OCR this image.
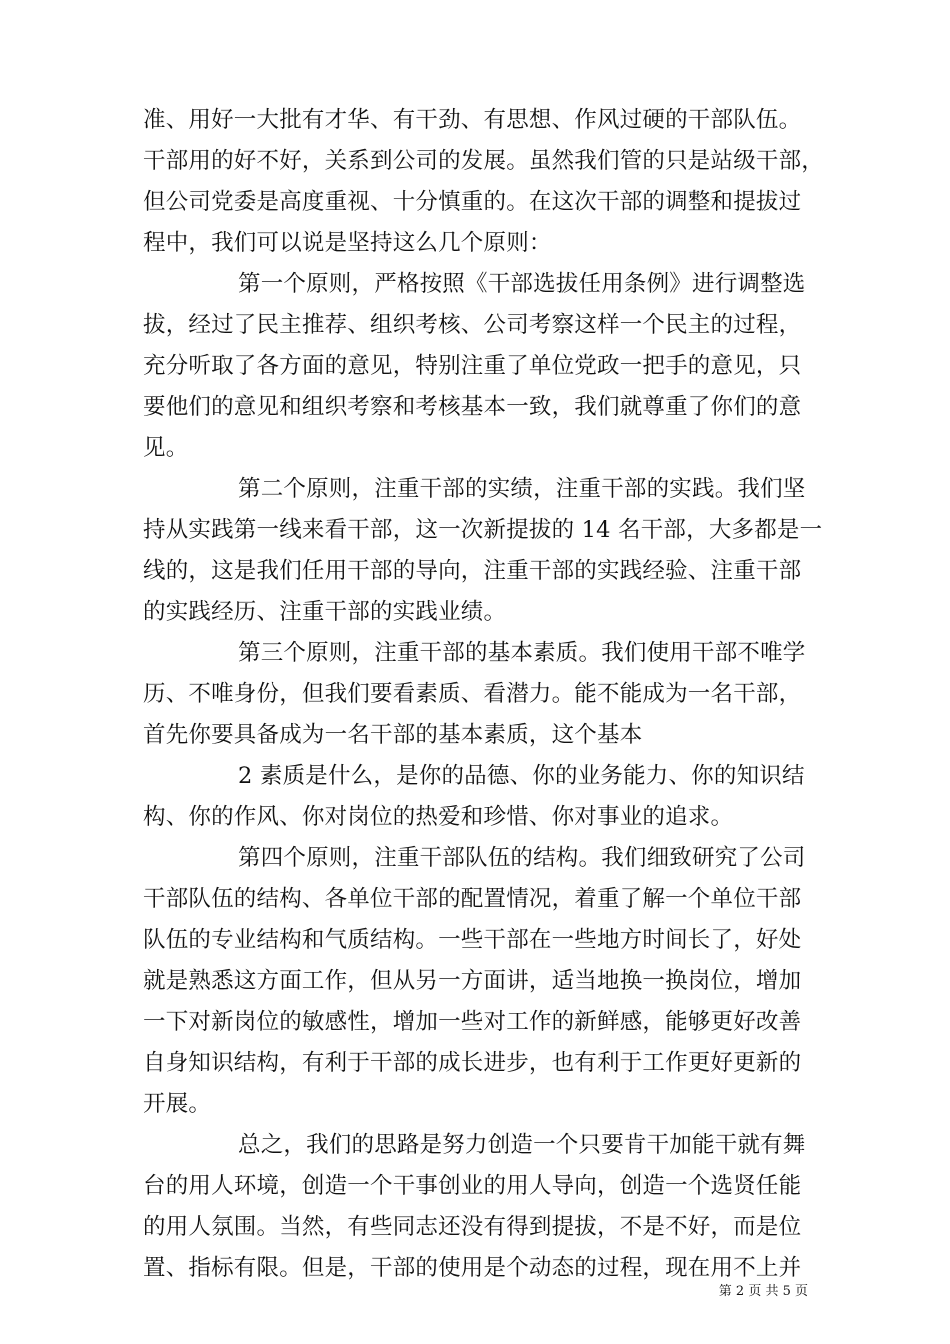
准、用好一大批有才华、有干劲、有思想、作风过硬的干部队伍。
干部用的好不好，关系到公司的发展。虽然我们管的只是站级干部，
但公司党委是高度重视、十分慎重的。在这次干部的调整和提拔过
程中，我们可以说是坚持这么几个原则：
第一个原则，严格按照《干部选拔任用条例》进行调整选
拔，经过了民主推荐、组织考核、公司考察这样一个民主的过程，
充分听取了各方面的意见，特别注重了单位党政一把手的意见，只
要他们的意见和组织考察和考核基本一致，我们就尊重了你们的意
见。
第二个原则，注重干部的实绩，注重干部的实践。我们坚
持从实践第一线来看干部，这一次新提拔的 14 名干部，大多都是一
线的，这是我们任用干部的导向，注重干部的实践经验、注重干部
的实践经历、注重干部的实践业绩。
第三个原则，注重干部的基本素质。我们使用干部不唯学
历、不唯身份，但我们要看素质、看潜力。能不能成为一名干部，
首先你要具备成为一名干部的基本素质，这个基本
2 素质是什么，是你的品德、你的业务能力、你的知识结
构、你的作风、你对岗位的热爱和珍惜、你对事业的追求。
第四个原则，注重干部队伍的结构。我们细致研究了公司
干部队伍的结构、各单位干部的配置情况，着重了解一个单位干部
队伍的专业结构和气质结构。一些干部在一些地方时间长了，好处
就是熟悉这方面工作，但从另一方面讲，适当地换一换岗位，增加
一下对新岗位的敏感性，增加一些对工作的新鲜感，能够更好改善
自身知识结构，有利于干部的成长进步，也有利于工作更好更新的
开展。
总之，我们的思路是努力创造一个只要肯干加能干就有舞
台的用人环境，创造一个干事创业的用人导向，创造一个选贤任能
的用人氛围。当然，有些同志还没有得到提拔，不是不好，而是位
置、指标有限。但是，干部的使用是个动态的过程，现在用不上并
第 2 页 共 5 页
